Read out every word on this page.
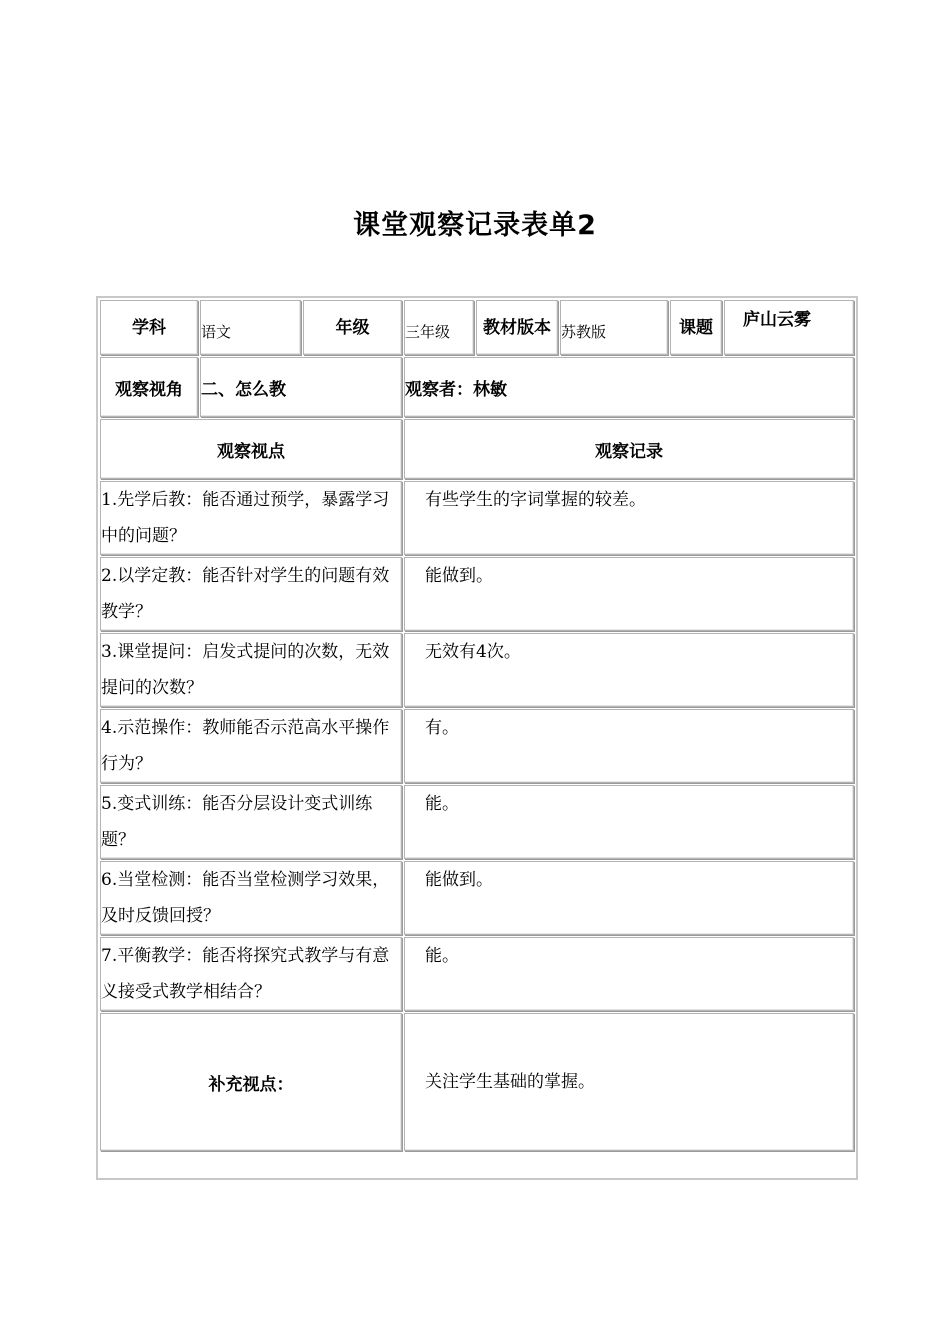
课堂观察记录表单2
学科	语文	年级	三年级	教材版本	苏教版	课题	庐山云雾
观察视角	二、怎么教		观察者：林敏				
观察视点			观察记录				
1.先学后教：能否通过预学，暴露学习中的问题？			有些学生的字词掌握的较差。				
2.以学定教：能否针对学生的问题有效教学？			能做到。				
3.课堂提问：启发式提问的次数，无效提问的次数？			无效有4次。				
4.示范操作：教师能否示范高水平操作行为？			有。				
5.变式训练：能否分层设计变式训练题？			能。				
6.当堂检测：能否当堂检测学习效果，及时反馈回授？			能做到。				
7.平衡教学：能否将探究式教学与有意义接受式教学相结合？			能。				
补充视点：			关注学生基础的掌握。				
